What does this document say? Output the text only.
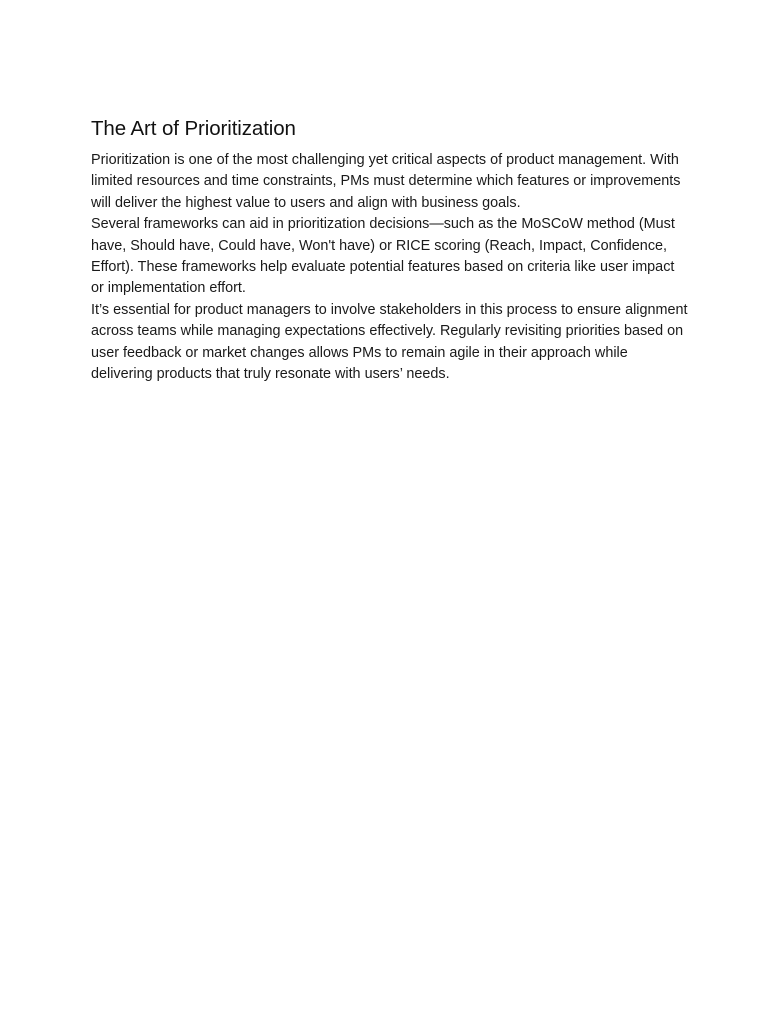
The Art of Prioritization

Prioritization is one of the most challenging yet critical aspects of product management. With limited resources and time constraints, PMs must determine which features or improvements will deliver the highest value to users and align with business goals.

Several frameworks can aid in prioritization decisions—such as the MoSCoW method (Must have, Should have, Could have, Won't have) or RICE scoring (Reach, Impact, Confidence, Effort). These frameworks help evaluate potential features based on criteria like user impact or implementation effort.

It’s essential for product managers to involve stakeholders in this process to ensure alignment across teams while managing expectations effectively. Regularly revisiting priorities based on user feedback or market changes allows PMs to remain agile in their approach while delivering products that truly resonate with users’ needs.
